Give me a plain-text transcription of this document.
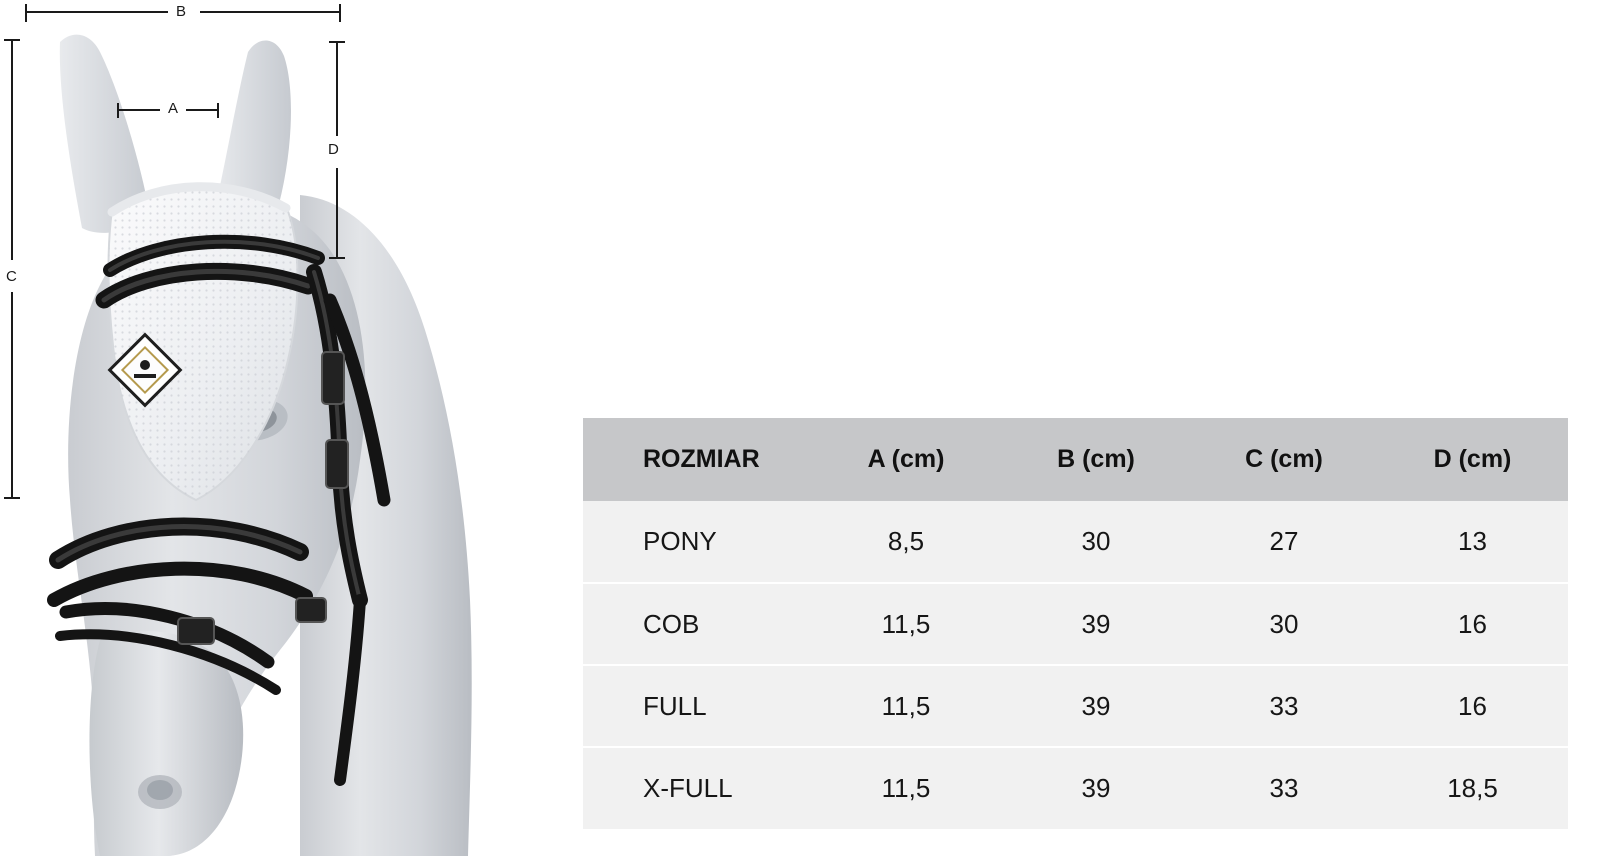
B
A
D
C
ROZMIAR	A (cm)	B (cm)	C (cm)	D (cm)
PONY	8,5	30	27	13
COB	11,5	39	30	16
FULL	11,5	39	33	16
X-FULL	11,5	39	33	18,5
